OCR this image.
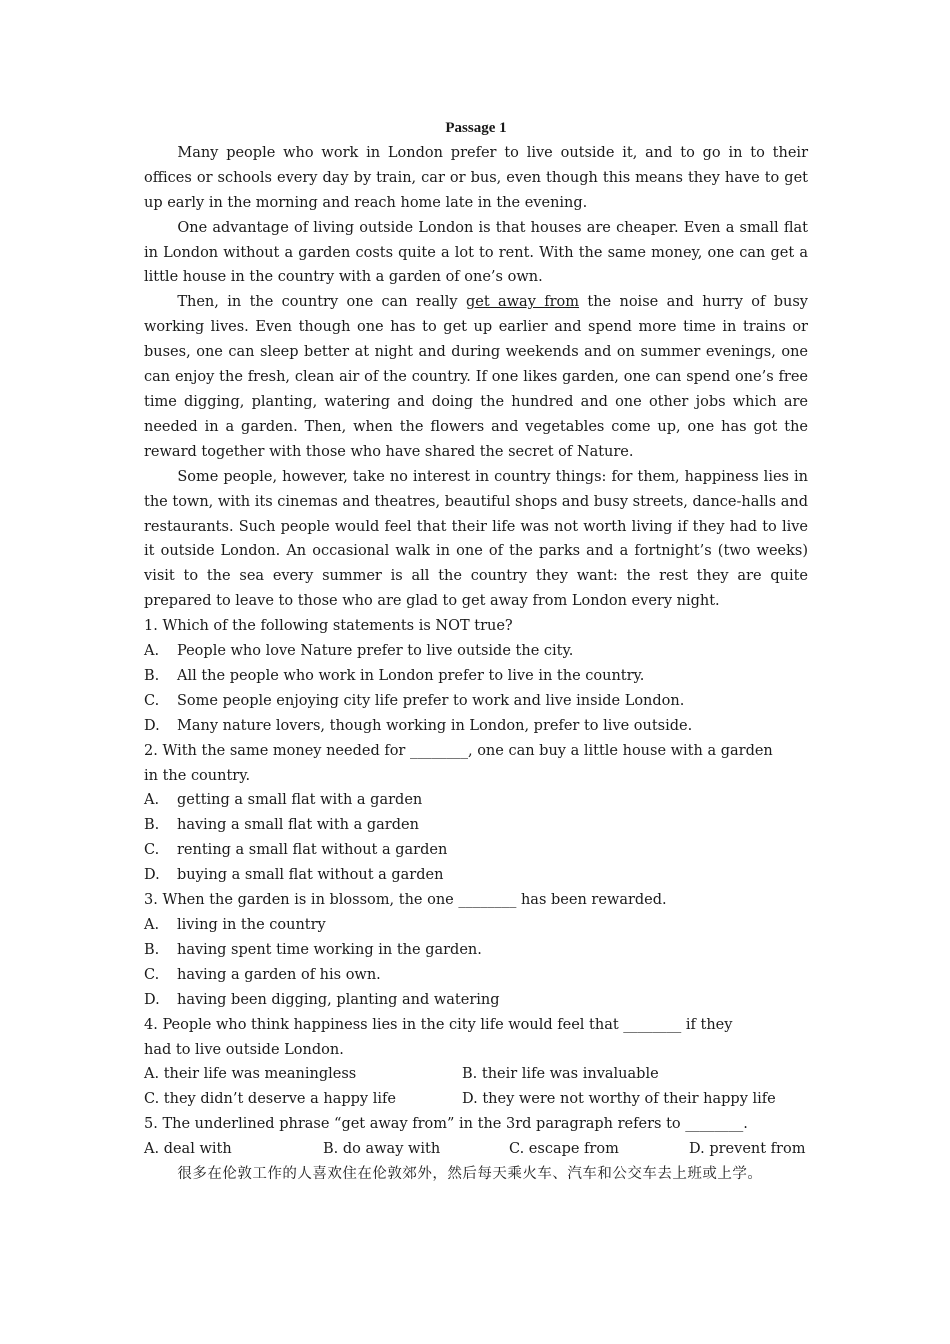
Passage 1

Many people who work in London prefer to live outside it, and to go in to their offices or schools every day by train, car or bus, even though this means they have to get up early in the morning and reach home late in the evening.

One advantage of living outside London is that houses are cheaper. Even a small flat in London without a garden costs quite a lot to rent. With the same money, one can get a little house in the country with a garden of one’s own.

Then, in the country one can really get away from the noise and hurry of busy working lives. Even though one has to get up earlier and spend more time in trains or buses, one can sleep better at night and during weekends and on summer evenings, one can enjoy the fresh, clean air of the country. If one likes garden, one can spend one’s free time digging, planting, watering and doing the hundred and one other jobs which are needed in a garden. Then, when the flowers and vegetables come up, one has got the reward together with those who have shared the secret of Nature.

Some people, however, take no interest in country things: for them, happiness lies in the town, with its cinemas and theatres, beautiful shops and busy streets, dance-halls and restaurants. Such people would feel that their life was not worth living if they had to live it outside London. An occasional walk in one of the parks and a fortnight’s (two weeks) visit to the sea every summer is all the country they want: the rest they are quite prepared to leave to those who are glad to get away from London every night.

1. Which of the following statements is NOT true?
A. People who love Nature prefer to live outside the city.
B. All the people who work in London prefer to live in the country.
C. Some people enjoying city life prefer to work and live inside London.
D. Many nature lovers, though working in London, prefer to live outside.
2. With the same money needed for ________, one can buy a little house with a garden
in the country.
A. getting a small flat with a garden
B. having a small flat with a garden
C. renting a small flat without a garden
D. buying a small flat without a garden
3. When the garden is in blossom, the one ________ has been rewarded.
A. living in the country
B. having spent time working in the garden.
C. having a garden of his own.
D. having been digging, planting and watering
4. People who think happiness lies in the city life would feel that ________ if they
had to live outside London.
A. their life was meaningless	B. their life was invaluable
C. they didn’t deserve a happy life	D. they were not worthy of their happy life
5. The underlined phrase “get away from” in the 3rd paragraph refers to ________.
A. deal with	B. do away with	C. escape from	D. prevent from
很多在伦敦工作的人喜欢住在伦敦郊外，然后每天乘火车、汽车和公交车去上班或上学。
